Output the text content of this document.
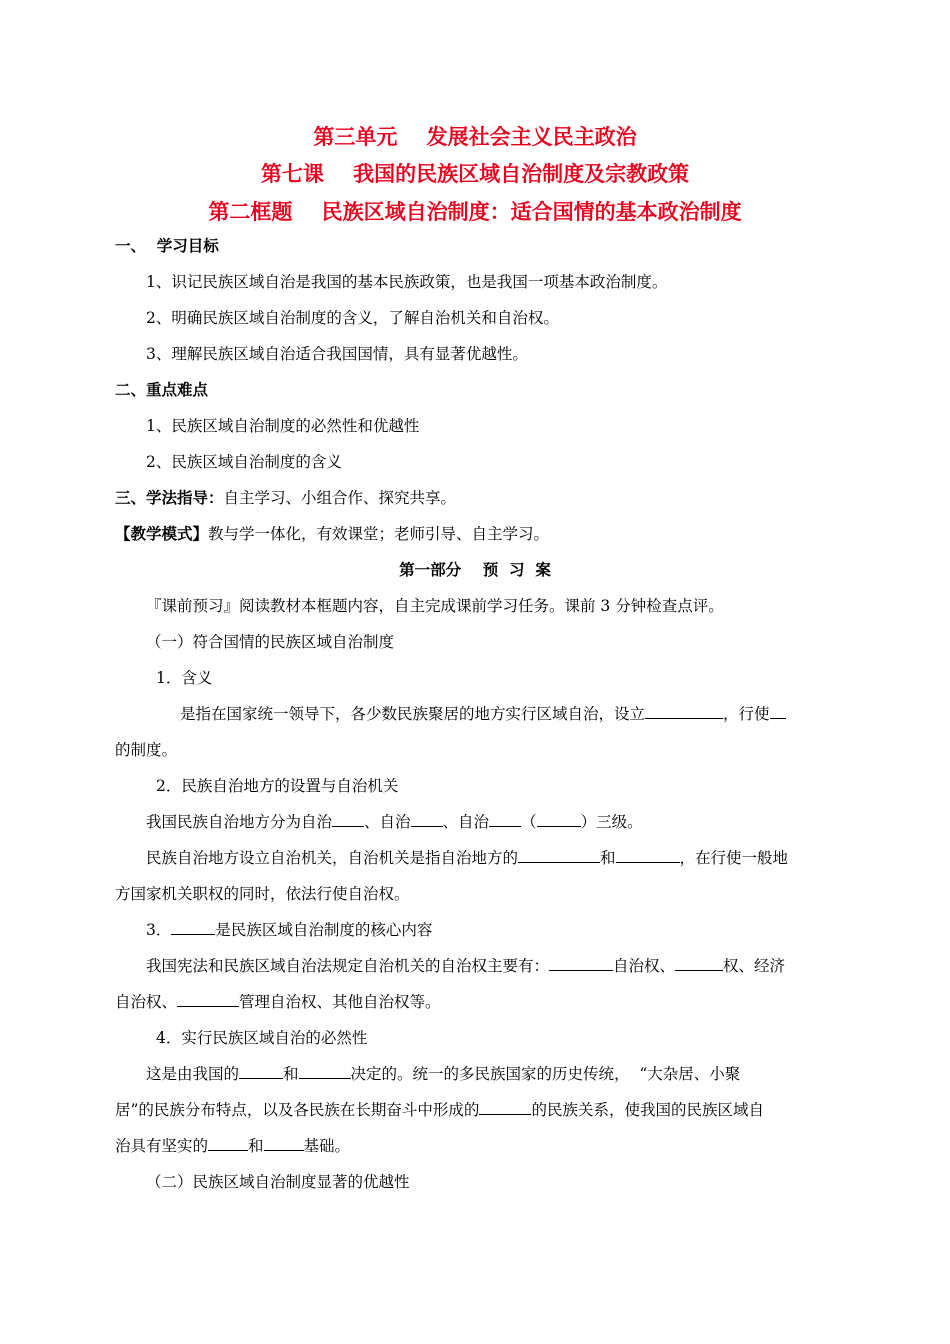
第三单元    发展社会主义民主政治
第七课    我国的民族区域自治制度及宗教政策
第二框题    民族区域自治制度：适合国情的基本政治制度
一、  学习目标
1、识记民族区域自治是我国的基本民族政策，也是我国一项基本政治制度。
2、明确民族区域自治制度的含义，了解自治机关和自治权。
3、理解民族区域自治适合我国国情，具有显著优越性。
二、重点难点
1、民族区域自治制度的必然性和优越性
2、民族区域自治制度的含义
三、学法指导：自主学习、小组合作、探究共享。
【教学模式】教与学一体化，有效课堂；老师引导、自主学习。
第一部分    预  习  案
『课前预习』阅读教材本框题内容，自主完成课前学习任务。课前 3 分钟检查点评。
（一）符合国情的民族区域自治制度
1．含义
是指在国家统一领导下，各少数民族聚居的地方实行区域自治，设立	，行使
的制度。
2．民族自治地方的设置与自治机关
我国民族自治地方分为自治 、自治 、自治 （	）三级。
民族自治地方设立自治机关，自治机关是指自治地方的	和	，在行使一般地
方国家机关职权的同时，依法行使自治权。
3．	是民族区域自治制度的核心内容
我国宪法和民族区域自治法规定自治机关的自治权主要有：	自治权、	权、经济
自治权、	管理自治权、其他自治权等。
4．实行民族区域自治的必然性
这是由我国的	和	决定的。统一的多民族国家的历史传统，  “大杂居、小聚
居”的民族分布特点，以及各民族在长期奋斗中形成的	的民族关系，使我国的民族区域自
治具有坚实的	和	基础。
（二）民族区域自治制度显著的优越性
